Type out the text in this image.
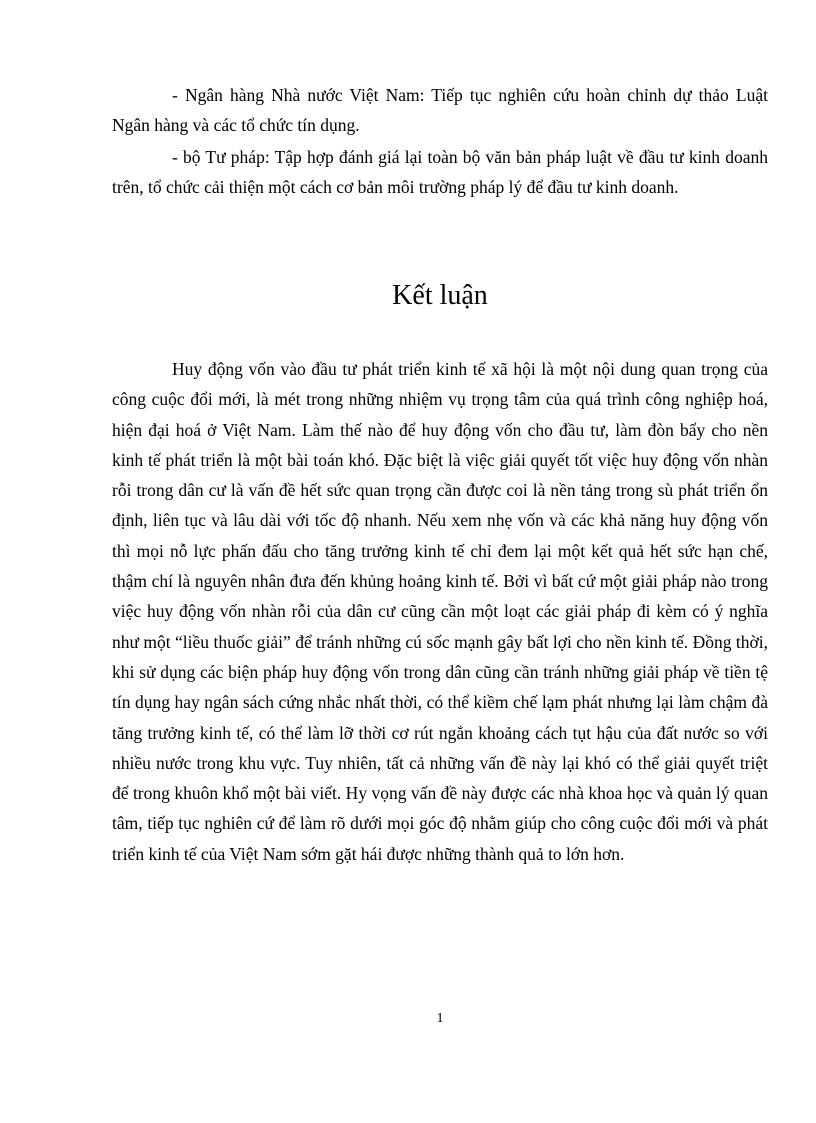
- Ngân hàng Nhà nước Việt Nam: Tiếp tục nghiên cứu hoàn chỉnh dự thảo Luật Ngân hàng và các tổ chức tín dụng.

- bộ Tư pháp: Tập hợp đánh giá lại toàn bộ văn bản pháp luật về đầu tư kinh doanh trên, tổ chức cải thiện một cách cơ bản môi trường pháp lý để đầu tư kinh doanh.

Kết luận

Huy động vốn vào đầu tư phát triển kinh tế xã hội là một nội dung quan trọng của công cuộc đổi mới, là mét trong những nhiệm vụ trọng tâm của quá trình công nghiệp hoá, hiện đại hoá ở Việt Nam. Làm thế nào để huy động vốn cho đầu tư, làm đòn bẩy cho nền kinh tế phát triển là một bài toán khó. Đặc biệt là việc giải quyết tốt việc huy động vốn nhàn rỗi trong dân cư là vấn đề hết sức quan trọng cần được coi là nền tảng trong sù phát triển ổn định, liên tục và lâu dài với tốc độ nhanh. Nếu xem nhẹ vốn và các khả năng huy động vốn thì mọi nỗ lực phấn đấu cho tăng trưởng kinh tế chỉ đem lại một kết quả hết sức hạn chế, thậm chí là nguyên nhân đưa đến khủng hoảng kinh tế. Bởi vì bất cứ một giải pháp nào trong việc huy động vốn nhàn rỗi của dân cư cũng cần một loạt các giải pháp đi kèm có ý nghĩa như một “liều thuốc giải” để tránh những cú sốc mạnh gây bất lợi cho nền kinh tế. Đồng thời, khi sử dụng các biện pháp huy động vốn trong dân cũng cần tránh những giải pháp về tiền tệ tín dụng hay ngân sách cứng nhắc nhất thời, có thể kiềm chế lạm phát nhưng lại làm chậm đà tăng trưởng kinh tế, có thể làm lỡ thời cơ rút ngắn khoảng cách tụt hậu của đất nước so với nhiều nước trong khu vực. Tuy nhiên, tất cả những vấn đề này lại khó có thể giải quyết triệt để trong khuôn khổ một bài viết. Hy vọng vấn đề này được các nhà khoa học và quản lý quan tâm, tiếp tục nghiên cứ để làm rõ dưới mọi góc độ nhằm giúp cho công cuộc đổi mới và phát triển kinh tế của Việt Nam sớm gặt hái được những thành quả to lớn hơn.

1
